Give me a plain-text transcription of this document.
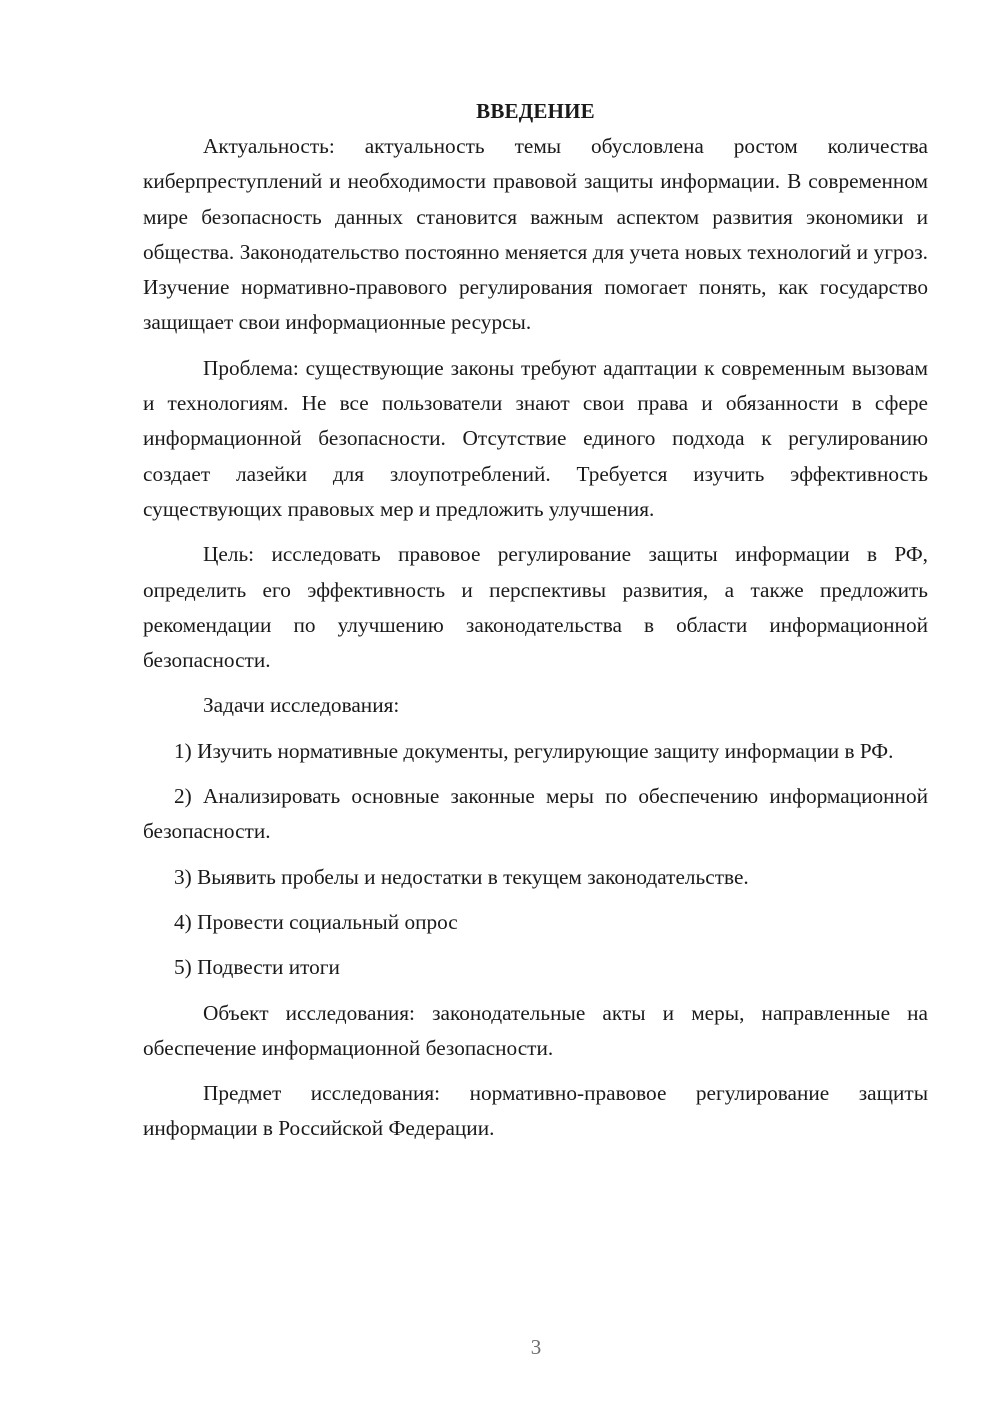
ВВЕДЕНИЕ

Актуальность: актуальность темы обусловлена ростом количества киберпреступлений и необходимости правовой защиты информации. В современном мире безопасность данных становится важным аспектом развития экономики и общества. Законодательство постоянно меняется для учета новых технологий и угроз. Изучение нормативно-правового регулирования помогает понять, как государство защищает свои информационные ресурсы.

Проблема: существующие законы требуют адаптации к современным вызовам и технологиям. Не все пользователи знают свои права и обязанности в сфере информационной безопасности. Отсутствие единого подхода к регулированию создает лазейки для злоупотреблений. Требуется изучить эффективность существующих правовых мер и предложить улучшения.

Цель: исследовать правовое регулирование защиты информации в РФ, определить его эффективность и перспективы развития, а также предложить рекомендации по улучшению законодательства в области информационной безопасности.

Задачи исследования:

1) Изучить нормативные документы, регулирующие защиту информации в РФ.

2) Анализировать основные законные меры по обеспечению информационной безопасности.

3) Выявить пробелы и недостатки в текущем законодательстве.

4) Провести социальный опрос

5) Подвести итоги

Объект исследования: законодательные акты и меры, направленные на обеспечение информационной безопасности.

Предмет исследования: нормативно-правовое регулирование защиты информации в Российской Федерации.

3
